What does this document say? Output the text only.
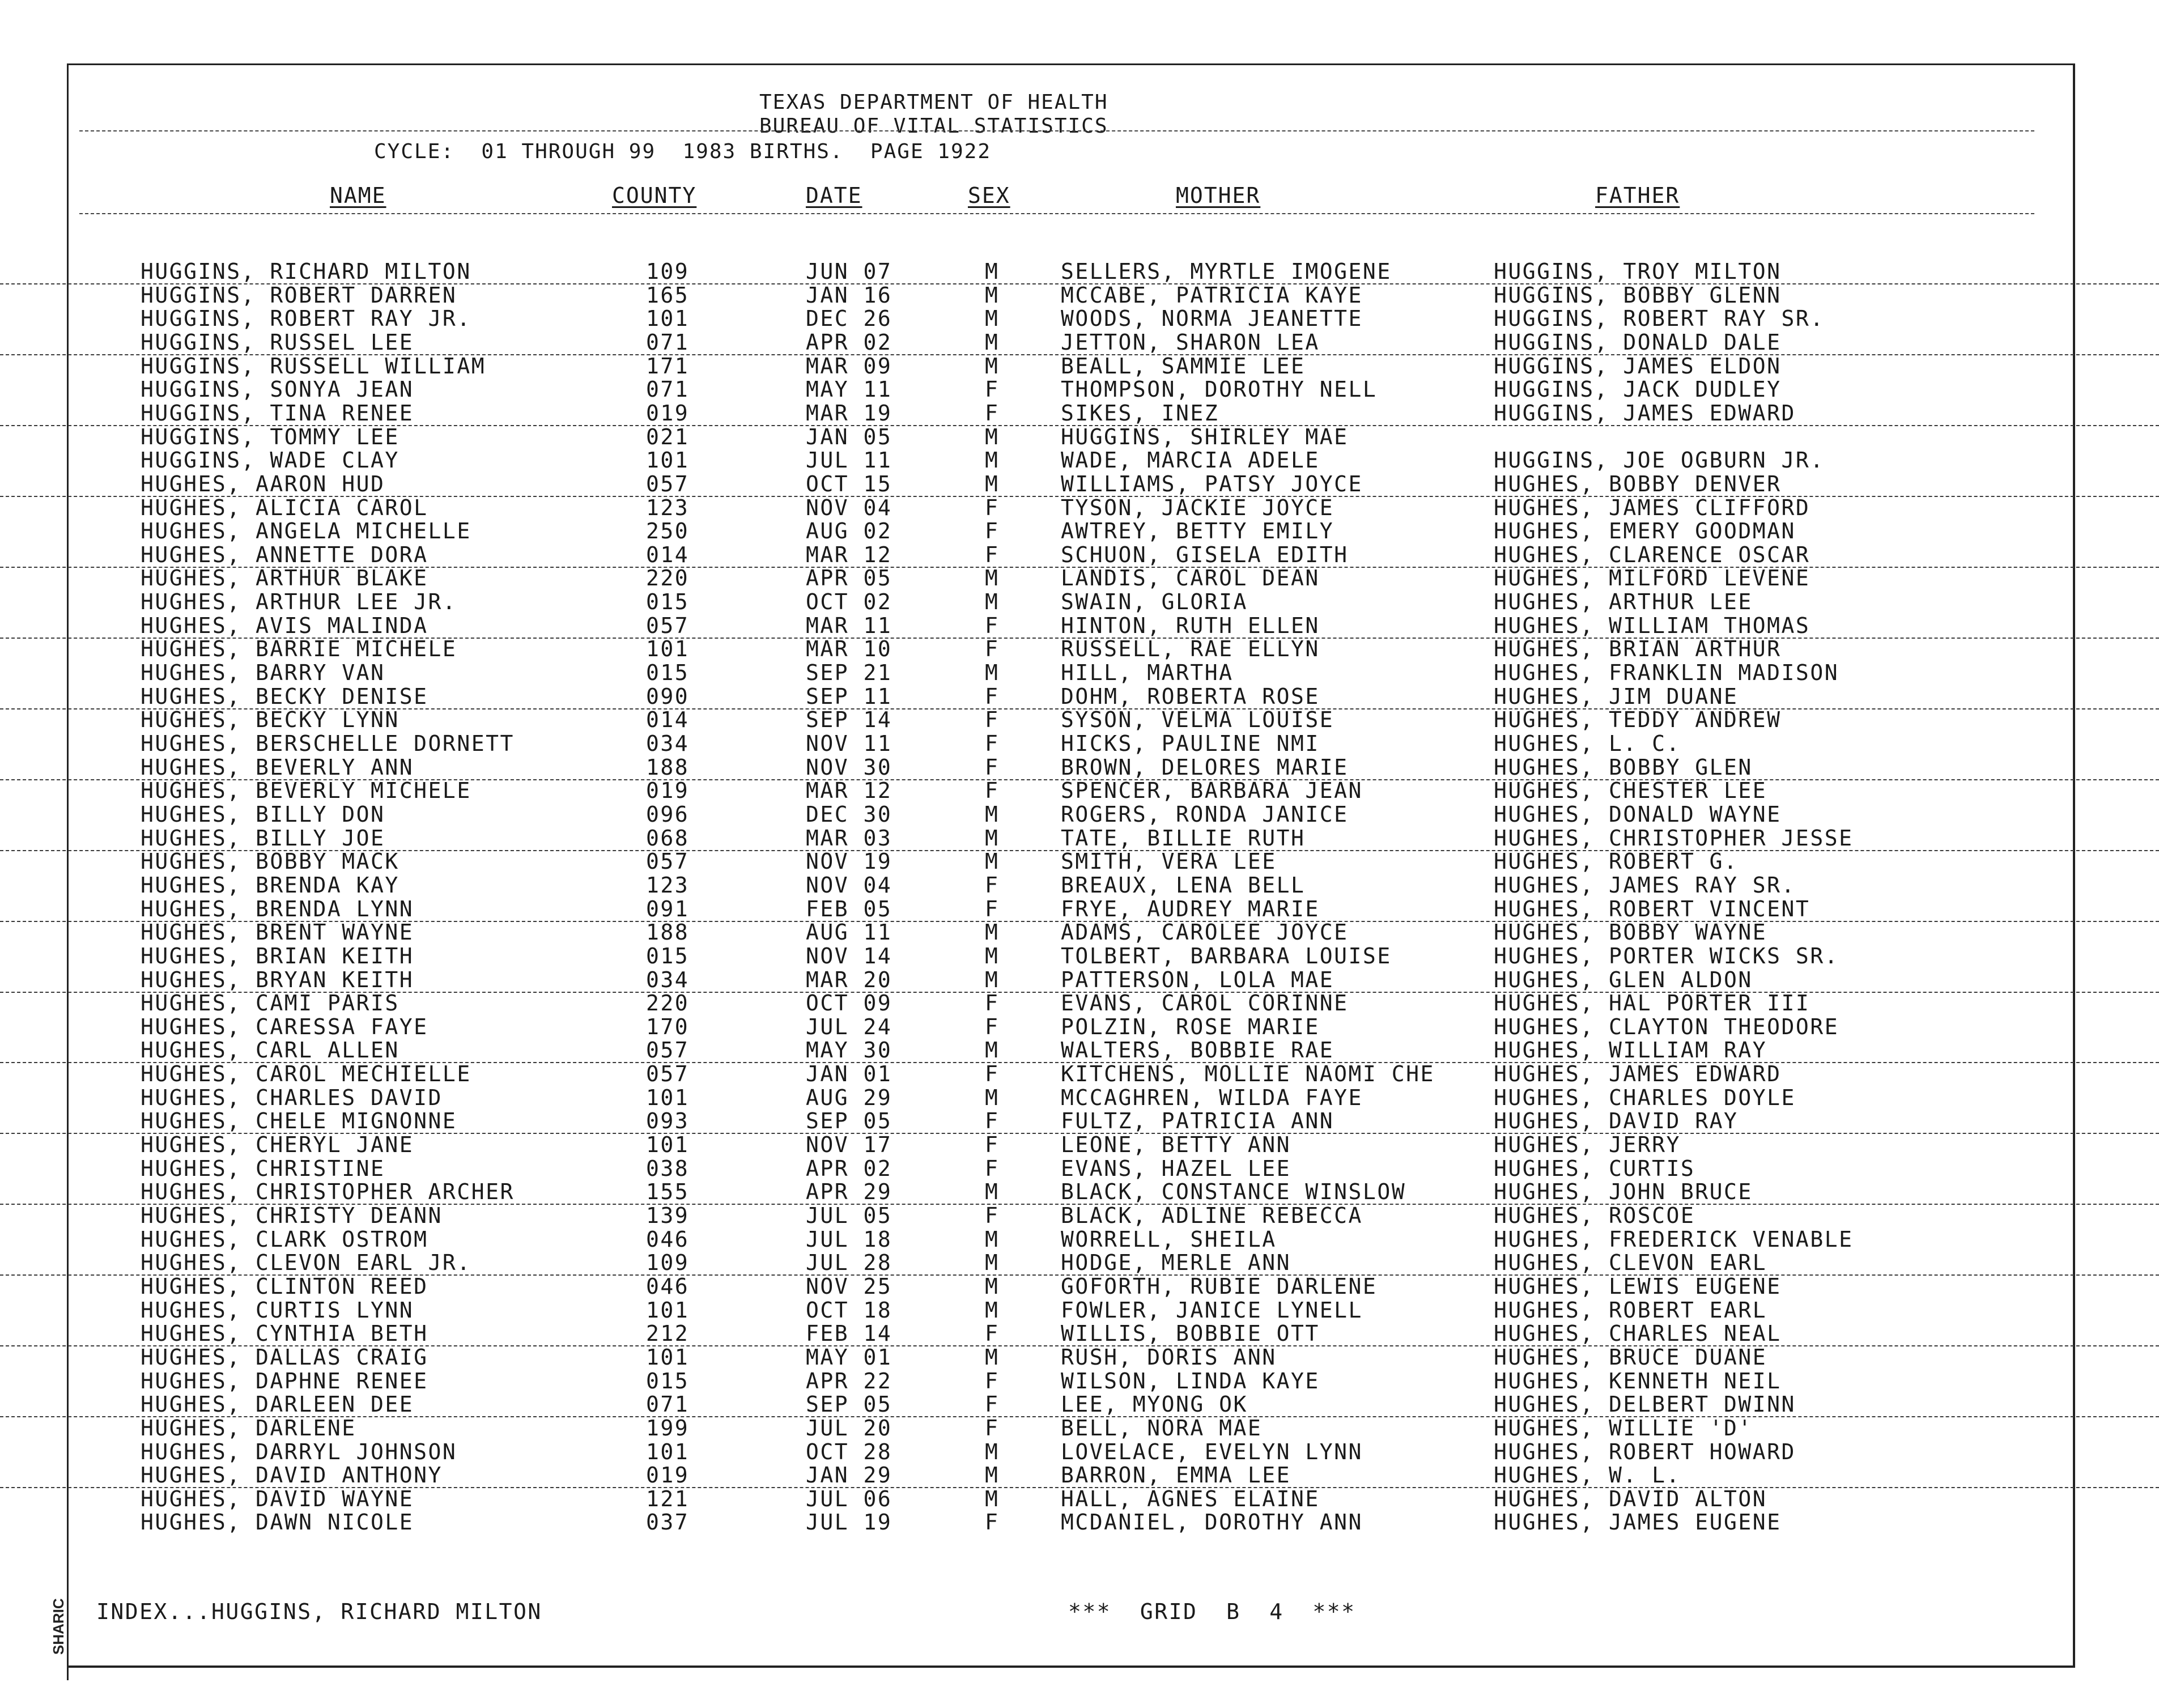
TEXAS DEPARTMENT OF HEALTH
BUREAU OF VITAL STATISTICS
CYCLE:  01 THROUGH 99  1983 BIRTHS.  PAGE 1922
NAME	COUNTY	DATE	SEX	MOTHER	FATHER
HUGGINS, RICHARD MILTON	109	JUN 07	M	SELLERS, MYRTLE IMOGENE	HUGGINS, TROY MILTON
HUGGINS, ROBERT DARREN	165	JAN 16	M	MCCABE, PATRICIA KAYE	HUGGINS, BOBBY GLENN
HUGGINS, ROBERT RAY JR.	101	DEC 26	M	WOODS, NORMA JEANETTE	HUGGINS, ROBERT RAY SR.
HUGGINS, RUSSEL LEE	071	APR 02	M	JETTON, SHARON LEA	HUGGINS, DONALD DALE
HUGGINS, RUSSELL WILLIAM	171	MAR 09	M	BEALL, SAMMIE LEE	HUGGINS, JAMES ELDON
HUGGINS, SONYA JEAN	071	MAY 11	F	THOMPSON, DOROTHY NELL	HUGGINS, JACK DUDLEY
HUGGINS, TINA RENEE	019	MAR 19	F	SIKES, INEZ	HUGGINS, JAMES EDWARD
HUGGINS, TOMMY LEE	021	JAN 05	M	HUGGINS, SHIRLEY MAE
HUGGINS, WADE CLAY	101	JUL 11	M	WADE, MARCIA ADELE	HUGGINS, JOE OGBURN JR.
HUGHES, AARON HUD	057	OCT 15	M	WILLIAMS, PATSY JOYCE	HUGHES, BOBBY DENVER
HUGHES, ALICIA CAROL	123	NOV 04	F	TYSON, JACKIE JOYCE	HUGHES, JAMES CLIFFORD
HUGHES, ANGELA MICHELLE	250	AUG 02	F	AWTREY, BETTY EMILY	HUGHES, EMERY GOODMAN
HUGHES, ANNETTE DORA	014	MAR 12	F	SCHUON, GISELA EDITH	HUGHES, CLARENCE OSCAR
HUGHES, ARTHUR BLAKE	220	APR 05	M	LANDIS, CAROL DEAN	HUGHES, MILFORD LEVENE
HUGHES, ARTHUR LEE JR.	015	OCT 02	M	SWAIN, GLORIA	HUGHES, ARTHUR LEE
HUGHES, AVIS MALINDA	057	MAR 11	F	HINTON, RUTH ELLEN	HUGHES, WILLIAM THOMAS
HUGHES, BARRIE MICHELE	101	MAR 10	F	RUSSELL, RAE ELLYN	HUGHES, BRIAN ARTHUR
HUGHES, BARRY VAN	015	SEP 21	M	HILL, MARTHA	HUGHES, FRANKLIN MADISON
HUGHES, BECKY DENISE	090	SEP 11	F	DOHM, ROBERTA ROSE	HUGHES, JIM DUANE
HUGHES, BECKY LYNN	014	SEP 14	F	SYSON, VELMA LOUISE	HUGHES, TEDDY ANDREW
HUGHES, BERSCHELLE DORNETT	034	NOV 11	F	HICKS, PAULINE NMI	HUGHES, L. C.
HUGHES, BEVERLY ANN	188	NOV 30	F	BROWN, DELORES MARIE	HUGHES, BOBBY GLEN
HUGHES, BEVERLY MICHELE	019	MAR 12	F	SPENCER, BARBARA JEAN	HUGHES, CHESTER LEE
HUGHES, BILLY DON	096	DEC 30	M	ROGERS, RONDA JANICE	HUGHES, DONALD WAYNE
HUGHES, BILLY JOE	068	MAR 03	M	TATE, BILLIE RUTH	HUGHES, CHRISTOPHER JESSE
HUGHES, BOBBY MACK	057	NOV 19	M	SMITH, VERA LEE	HUGHES, ROBERT G.
HUGHES, BRENDA KAY	123	NOV 04	F	BREAUX, LENA BELL	HUGHES, JAMES RAY SR.
HUGHES, BRENDA LYNN	091	FEB 05	F	FRYE, AUDREY MARIE	HUGHES, ROBERT VINCENT
HUGHES, BRENT WAYNE	188	AUG 11	M	ADAMS, CAROLEE JOYCE	HUGHES, BOBBY WAYNE
HUGHES, BRIAN KEITH	015	NOV 14	M	TOLBERT, BARBARA LOUISE	HUGHES, PORTER WICKS SR.
HUGHES, BRYAN KEITH	034	MAR 20	M	PATTERSON, LOLA MAE	HUGHES, GLEN ALDON
HUGHES, CAMI PARIS	220	OCT 09	F	EVANS, CAROL CORINNE	HUGHES, HAL PORTER III
HUGHES, CARESSA FAYE	170	JUL 24	F	POLZIN, ROSE MARIE	HUGHES, CLAYTON THEODORE
HUGHES, CARL ALLEN	057	MAY 30	M	WALTERS, BOBBIE RAE	HUGHES, WILLIAM RAY
HUGHES, CAROL MECHIELLE	057	JAN 01	F	KITCHENS, MOLLIE NAOMI CHE	HUGHES, JAMES EDWARD
HUGHES, CHARLES DAVID	101	AUG 29	M	MCCAGHREN, WILDA FAYE	HUGHES, CHARLES DOYLE
HUGHES, CHELE MIGNONNE	093	SEP 05	F	FULTZ, PATRICIA ANN	HUGHES, DAVID RAY
HUGHES, CHERYL JANE	101	NOV 17	F	LEONE, BETTY ANN	HUGHES, JERRY
HUGHES, CHRISTINE	038	APR 02	F	EVANS, HAZEL LEE	HUGHES, CURTIS
HUGHES, CHRISTOPHER ARCHER	155	APR 29	M	BLACK, CONSTANCE WINSLOW	HUGHES, JOHN BRUCE
HUGHES, CHRISTY DEANN	139	JUL 05	F	BLACK, ADLINE REBECCA	HUGHES, ROSCOE
HUGHES, CLARK OSTROM	046	JUL 18	M	WORRELL, SHEILA	HUGHES, FREDERICK VENABLE
HUGHES, CLEVON EARL JR.	109	JUL 28	M	HODGE, MERLE ANN	HUGHES, CLEVON EARL
HUGHES, CLINTON REED	046	NOV 25	M	GOFORTH, RUBIE DARLENE	HUGHES, LEWIS EUGENE
HUGHES, CURTIS LYNN	101	OCT 18	M	FOWLER, JANICE LYNELL	HUGHES, ROBERT EARL
HUGHES, CYNTHIA BETH	212	FEB 14	F	WILLIS, BOBBIE OTT	HUGHES, CHARLES NEAL
HUGHES, DALLAS CRAIG	101	MAY 01	M	RUSH, DORIS ANN	HUGHES, BRUCE DUANE
HUGHES, DAPHNE RENEE	015	APR 22	F	WILSON, LINDA KAYE	HUGHES, KENNETH NEIL
HUGHES, DARLEEN DEE	071	SEP 05	F	LEE, MYONG OK	HUGHES, DELBERT DWINN
HUGHES, DARLENE	199	JUL 20	F	BELL, NORA MAE	HUGHES, WILLIE 'D'
HUGHES, DARRYL JOHNSON	101	OCT 28	M	LOVELACE, EVELYN LYNN	HUGHES, ROBERT HOWARD
HUGHES, DAVID ANTHONY	019	JAN 29	M	BARRON, EMMA LEE	HUGHES, W. L.
HUGHES, DAVID WAYNE	121	JUL 06	M	HALL, AGNES ELAINE	HUGHES, DAVID ALTON
HUGHES, DAWN NICOLE	037	JUL 19	F	MCDANIEL, DOROTHY ANN	HUGHES, JAMES EUGENE
INDEX...HUGGINS, RICHARD MILTON	***  GRID  B  4  ***
SHARIC
